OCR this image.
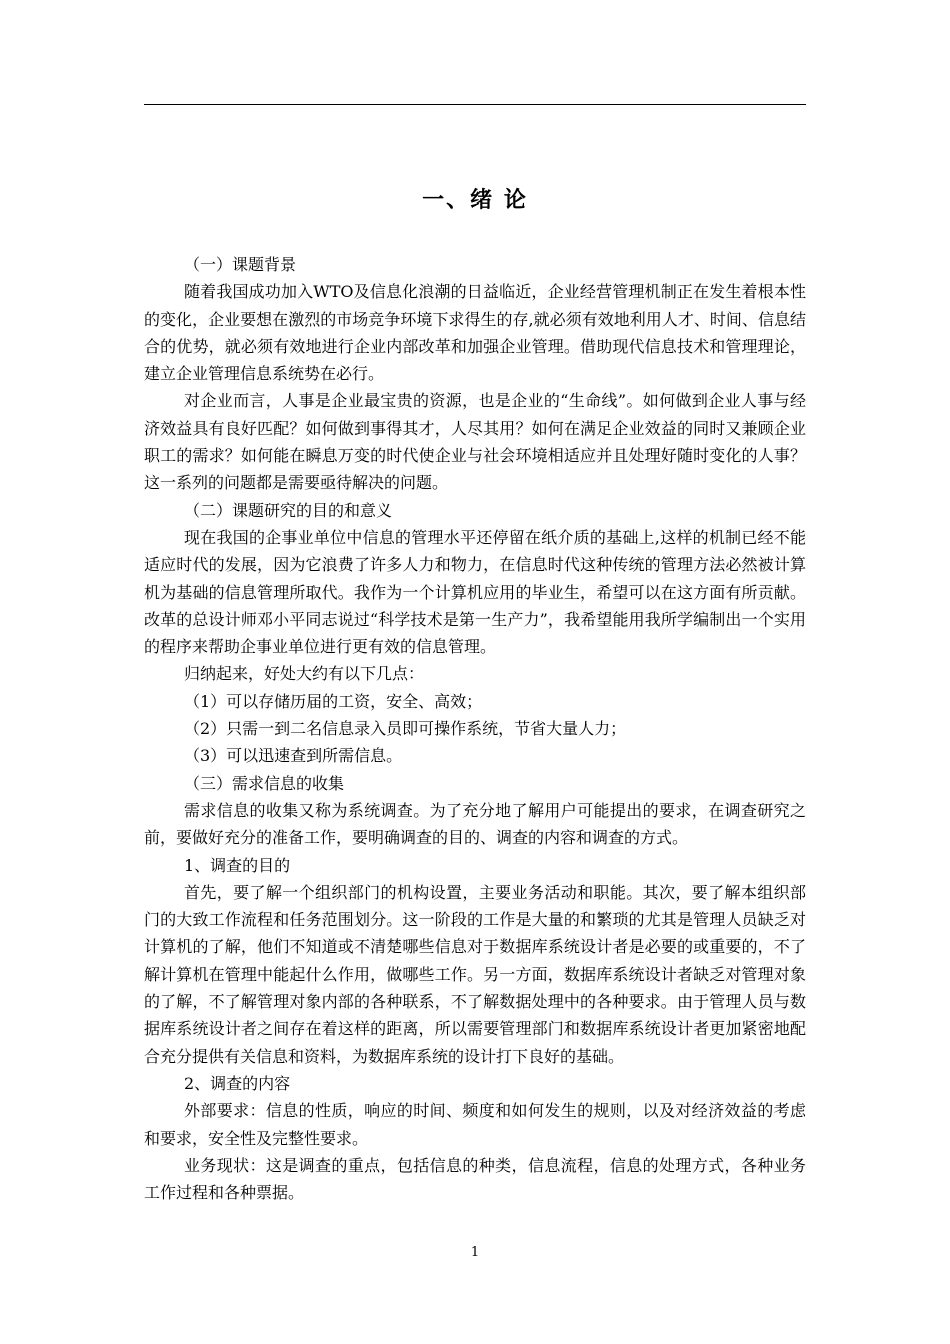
一、绪 论
（一）课题背景
随着我国成功加入WTO及信息化浪潮的日益临近，企业经营管理机制正在发生着根本性的变化，企业要想在激烈的市场竞争环境下求得生的存,就必须有效地利用人才、时间、信息结合的优势，就必须有效地进行企业内部改革和加强企业管理。借助现代信息技术和管理理论，建立企业管理信息系统势在必行。
对企业而言，人事是企业最宝贵的资源，也是企业的“生命线”。如何做到企业人事与经济效益具有良好匹配？如何做到事得其才，人尽其用？如何在满足企业效益的同时又兼顾企业职工的需求？如何能在瞬息万变的时代使企业与社会环境相适应并且处理好随时变化的人事？这一系列的问题都是需要亟待解决的问题。
（二）课题研究的目的和意义
现在我国的企事业单位中信息的管理水平还停留在纸介质的基础上,这样的机制已经不能适应时代的发展，因为它浪费了许多人力和物力，在信息时代这种传统的管理方法必然被计算机为基础的信息管理所取代。我作为一个计算机应用的毕业生，希望可以在这方面有所贡献。改革的总设计师邓小平同志说过“科学技术是第一生产力”，我希望能用我所学编制出一个实用的程序来帮助企事业单位进行更有效的信息管理。
归纳起来，好处大约有以下几点：
（1）可以存储历届的工资，安全、高效；
（2）只需一到二名信息录入员即可操作系统，节省大量人力；
（3）可以迅速查到所需信息。
（三）需求信息的收集
需求信息的收集又称为系统调查。为了充分地了解用户可能提出的要求，在调查研究之前，要做好充分的准备工作，要明确调查的目的、调查的内容和调查的方式。
1、调查的目的
首先，要了解一个组织部门的机构设置，主要业务活动和职能。其次，要了解本组织部门的大致工作流程和任务范围划分。这一阶段的工作是大量的和繁琐的尤其是管理人员缺乏对计算机的了解，他们不知道或不清楚哪些信息对于数据库系统设计者是必要的或重要的，不了解计算机在管理中能起什么作用，做哪些工作。另一方面，数据库系统设计者缺乏对管理对象的了解，不了解管理对象内部的各种联系，不了解数据处理中的各种要求。由于管理人员与数据库系统设计者之间存在着这样的距离，所以需要管理部门和数据库系统设计者更加紧密地配合充分提供有关信息和资料，为数据库系统的设计打下良好的基础。
2、调查的内容
外部要求：信息的性质，响应的时间、频度和如何发生的规则，以及对经济效益的考虑和要求，安全性及完整性要求。
业务现状：这是调查的重点，包括信息的种类，信息流程，信息的处理方式，各种业务工作过程和各种票据。
1
